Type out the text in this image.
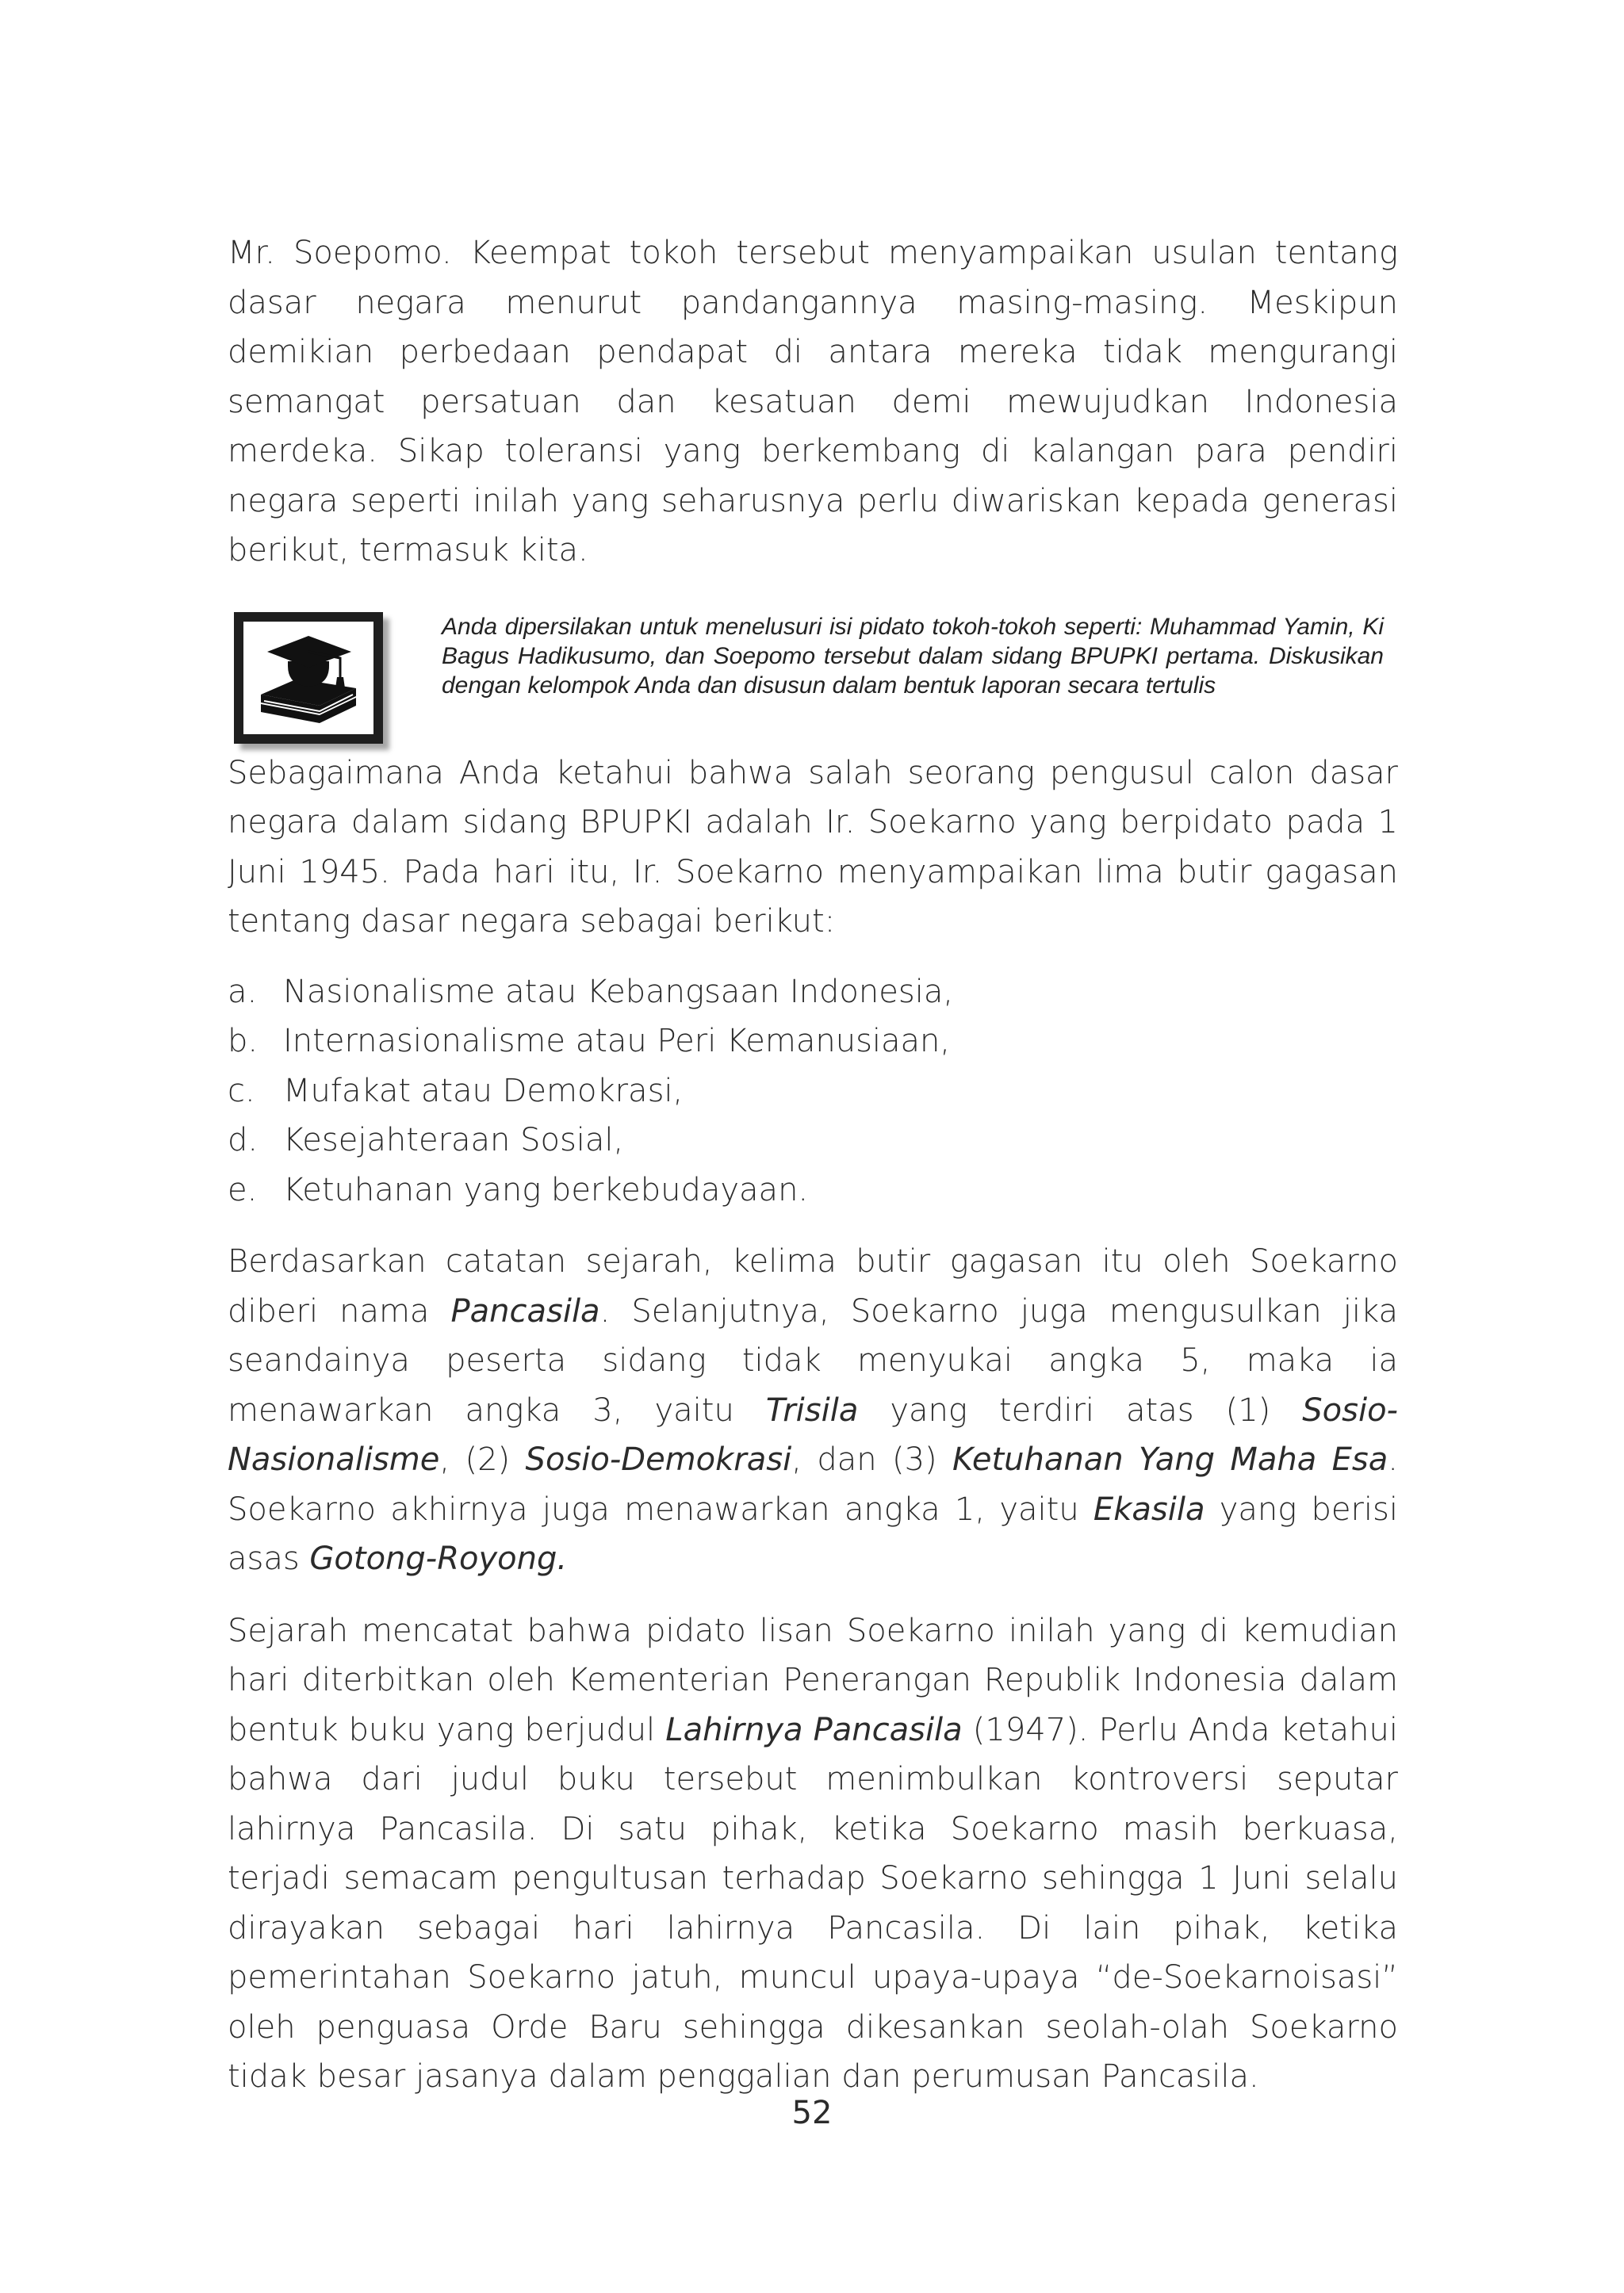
Mr. Soepomo. Keempat tokoh tersebut menyampaikan usulan tentang dasar negara menurut pandangannya masing-masing. Meskipun demikian perbedaan pendapat di antara mereka tidak mengurangi semangat persatuan dan kesatuan demi mewujudkan Indonesia merdeka. Sikap toleransi yang berkembang di kalangan para pendiri negara seperti inilah yang seharusnya perlu diwariskan kepada generasi berikut, termasuk kita.

Anda dipersilakan untuk menelusuri isi pidato tokoh-tokoh seperti: Muhammad Yamin, Ki Bagus Hadikusumo, dan Soepomo tersebut dalam sidang BPUPKI pertama. Diskusikan dengan kelompok Anda dan disusun dalam bentuk laporan secara tertulis

Sebagaimana Anda ketahui bahwa salah seorang pengusul calon dasar negara dalam sidang BPUPKI adalah Ir. Soekarno yang berpidato pada 1 Juni 1945. Pada hari itu, Ir. Soekarno menyampaikan lima butir gagasan tentang dasar negara sebagai berikut:

a. Nasionalisme atau Kebangsaan Indonesia,
b. Internasionalisme atau Peri Kemanusiaan,
c. Mufakat atau Demokrasi,
d. Kesejahteraan Sosial,
e. Ketuhanan yang berkebudayaan.

Berdasarkan catatan sejarah, kelima butir gagasan itu oleh Soekarno diberi nama Pancasila. Selanjutnya, Soekarno juga mengusulkan jika seandainya peserta sidang tidak menyukai angka 5, maka ia menawarkan angka 3, yaitu Trisila yang terdiri atas (1) Sosio-Nasionalisme, (2) Sosio-Demokrasi, dan (3) Ketuhanan Yang Maha Esa. Soekarno akhirnya juga menawarkan angka 1, yaitu Ekasila yang berisi asas Gotong-Royong.

Sejarah mencatat bahwa pidato lisan Soekarno inilah yang di kemudian hari diterbitkan oleh Kementerian Penerangan Republik Indonesia dalam bentuk buku yang berjudul Lahirnya Pancasila (1947). Perlu Anda ketahui bahwa dari judul buku tersebut menimbulkan kontroversi seputar lahirnya Pancasila. Di satu pihak, ketika Soekarno masih berkuasa, terjadi semacam pengultusan terhadap Soekarno sehingga 1 Juni selalu dirayakan sebagai hari lahirnya Pancasila. Di lain pihak, ketika pemerintahan Soekarno jatuh, muncul upaya-upaya “de-Soekarnoisasi” oleh penguasa Orde Baru sehingga dikesankan seolah-olah Soekarno tidak besar jasanya dalam penggalian dan perumusan Pancasila.

52
